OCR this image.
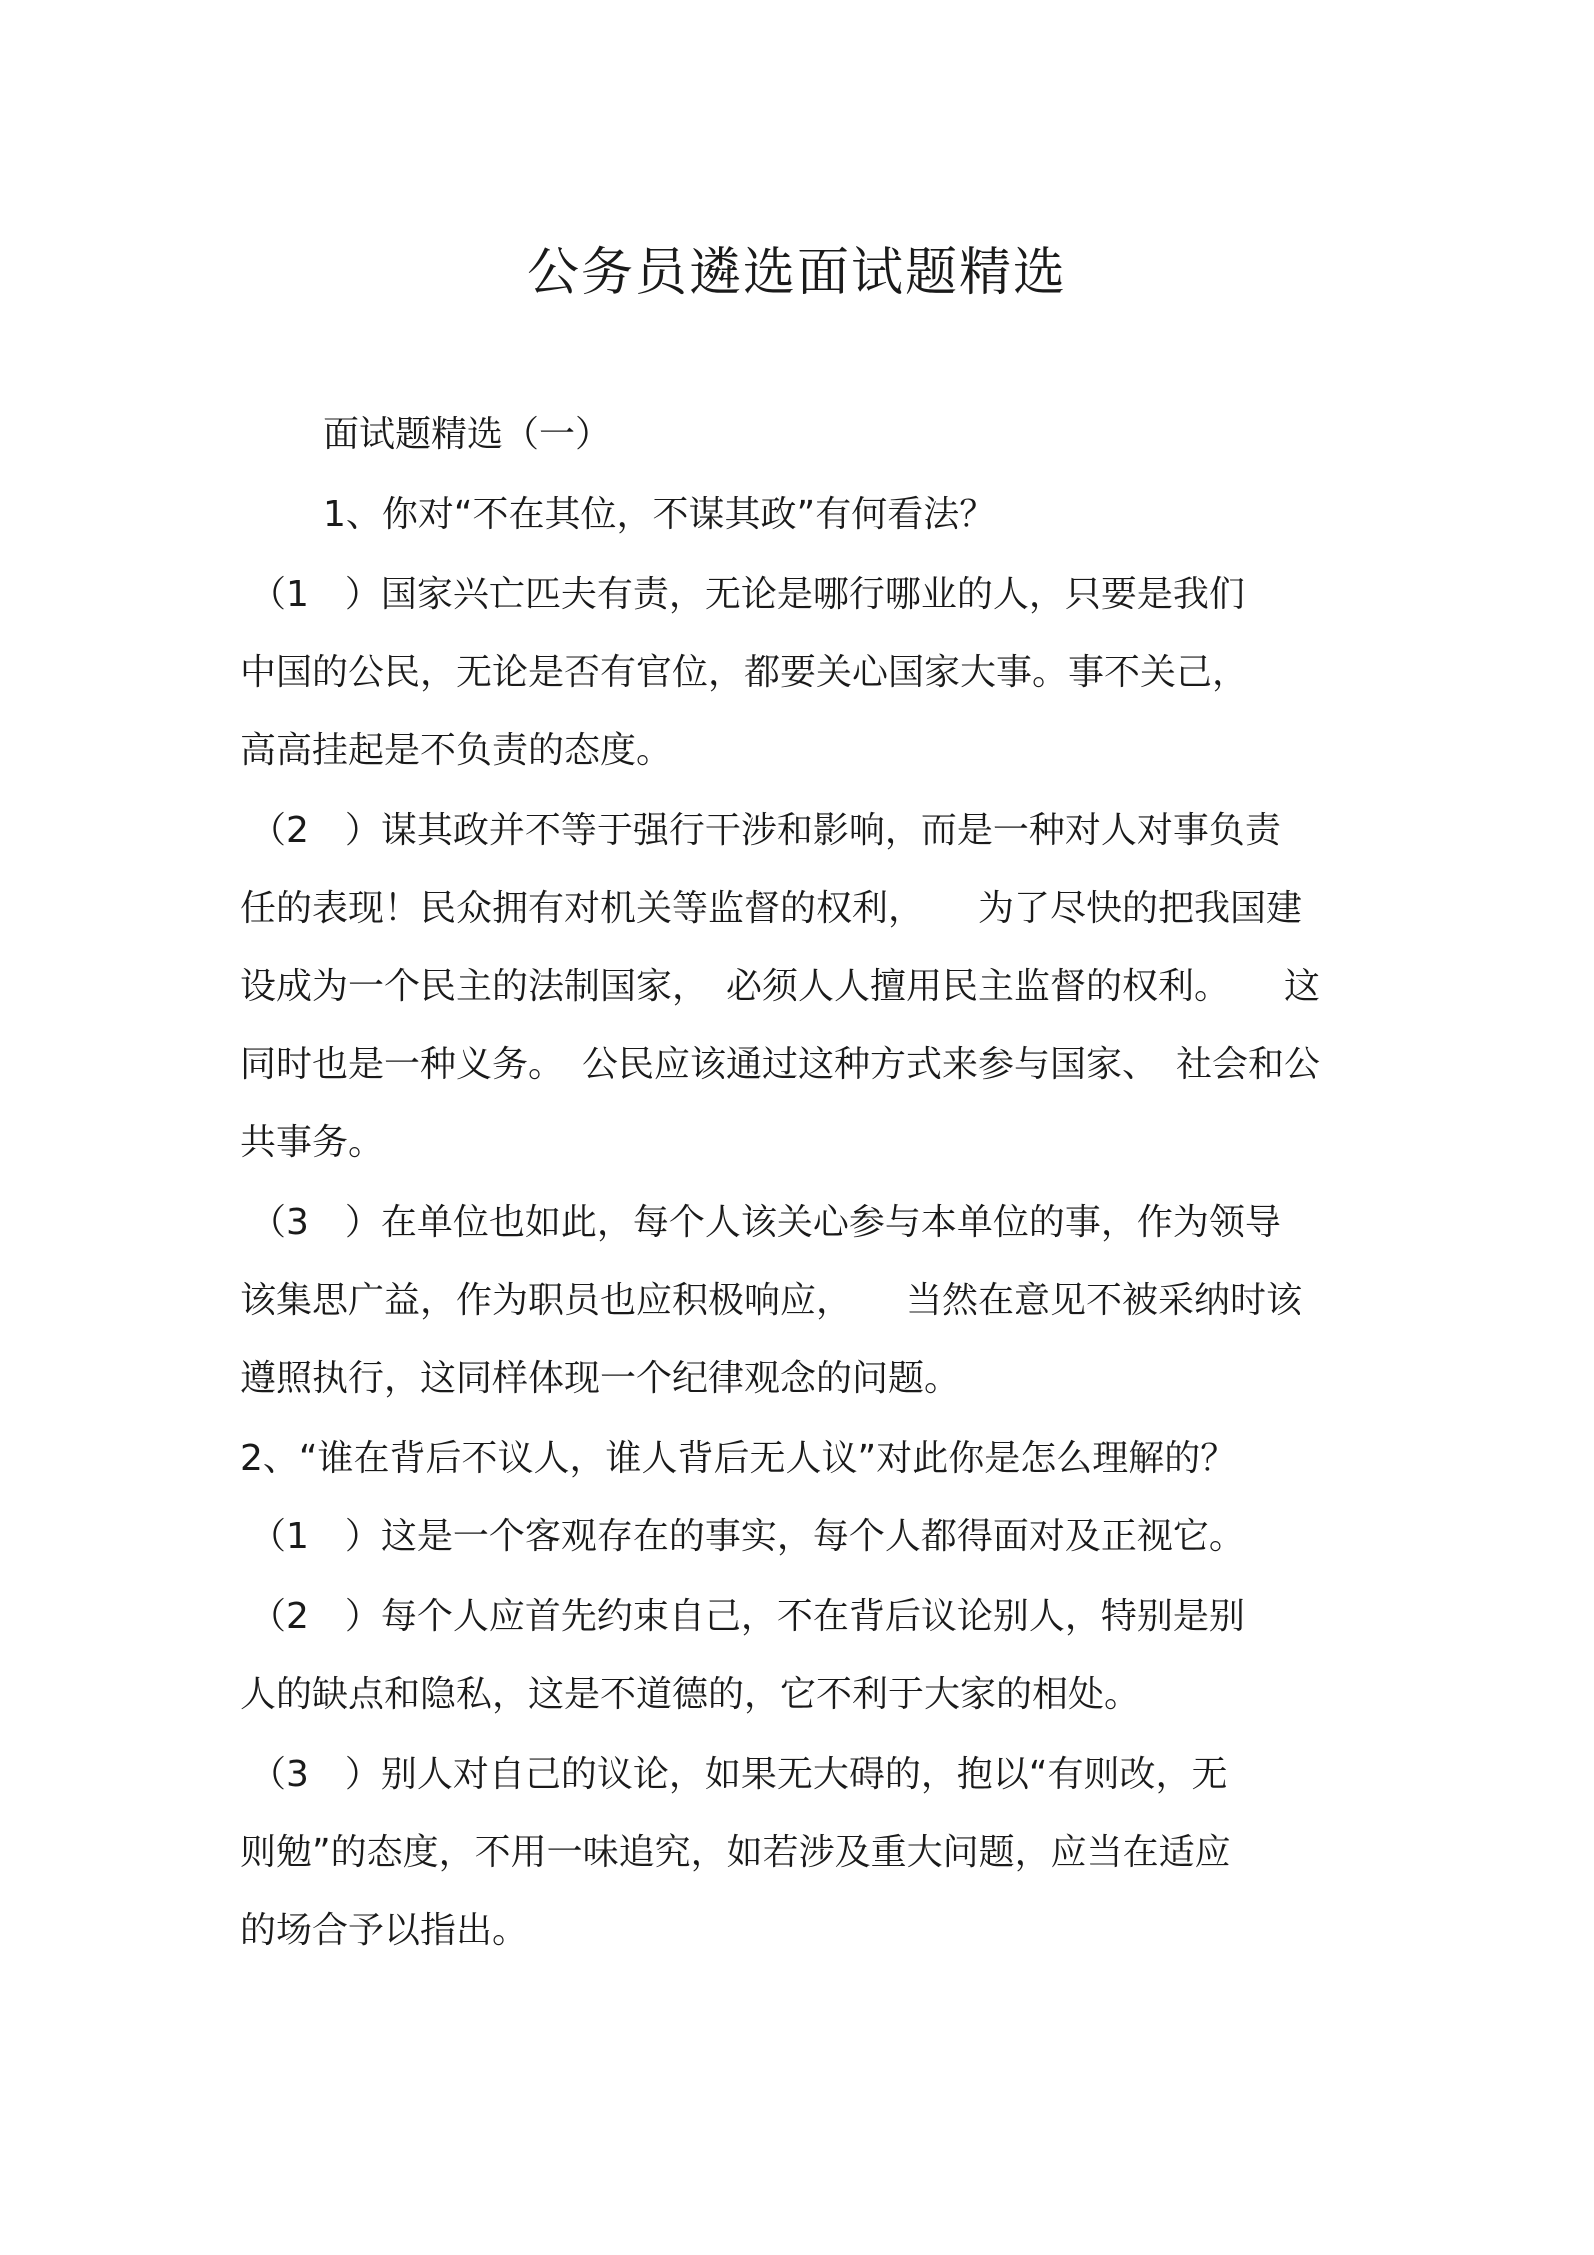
公务员遴选面试题精选
面试题精选（一）
1、你对“不在其位，不谋其政”有何看法？
（1　）国家兴亡匹夫有责，无论是哪行哪业的人，只要是我们
中国的公民，无论是否有官位，都要关心国家大事。事不关己，
高高挂起是不负责的态度。
（2　）谋其政并不等于强行干涉和影响，而是一种对人对事负责
任的表现！民众拥有对机关等监督的权利，　　为了尽快的把我国建
设成为一个民主的法制国家，　必须人人擅用民主监督的权利。　　这
同时也是一种义务。　公民应该通过这种方式来参与国家、　社会和公
共事务。
（3　）在单位也如此，每个人该关心参与本单位的事，作为领导
该集思广益，作为职员也应积极响应，　　当然在意见不被采纳时该
遵照执行，这同样体现一个纪律观念的问题。
2、“谁在背后不议人，谁人背后无人议”对此你是怎么理解的？
（1　）这是一个客观存在的事实，每个人都得面对及正视它。
（2　）每个人应首先约束自己，不在背后议论别人，特别是别
人的缺点和隐私，这是不道德的，它不利于大家的相处。
（3　）别人对自己的议论，如果无大碍的，抱以“有则改，无
则勉”的态度，不用一味追究，如若涉及重大问题，应当在适应
的场合予以指出。
